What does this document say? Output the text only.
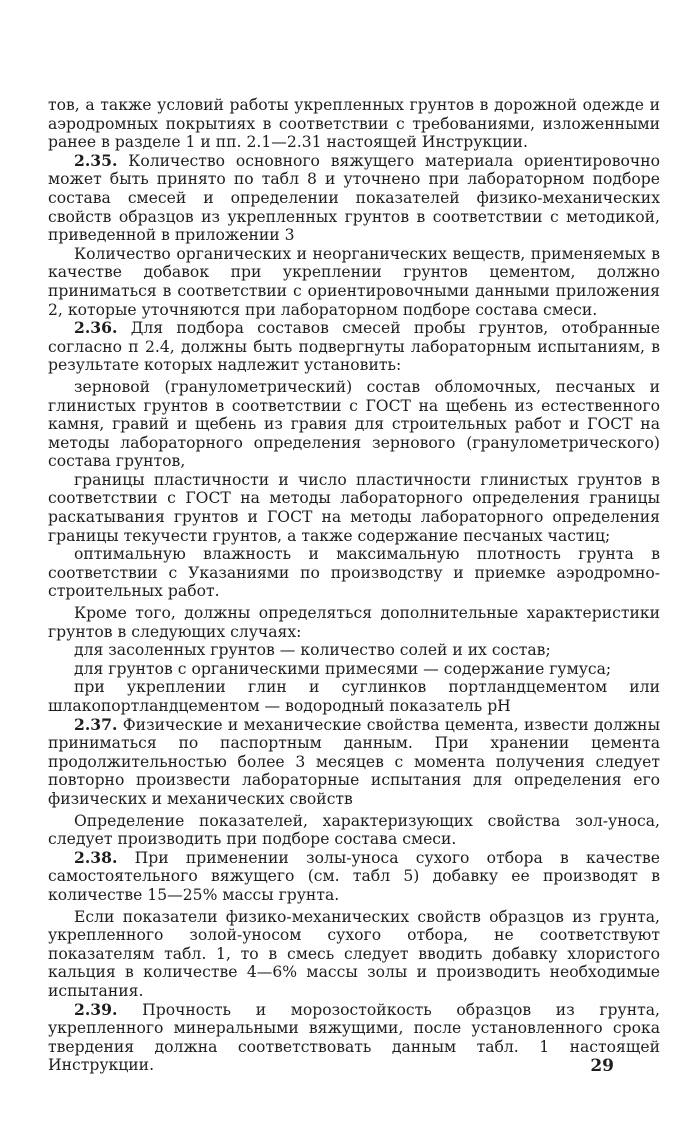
тов, а также условий работы укрепленных грунтов в дорожной одежде и аэродромных покрытиях в соответствии с требованиями, изложенными ранее в разделе 1 и пп. 2.1—2.31 настоящей Инструкции.

2.35. Количество основного вяжущего материала ориентировочно может быть принято по табл 8 и уточнено при лабораторном подборе состава смесей и определении показателей физико-механических свойств образцов из укрепленных грунтов в соответствии с методикой, приведенной в приложении 3

Количество органических и неорганических веществ, применяемых в качестве добавок при укреплении грунтов цементом, должно приниматься в соответствии с ориентировочными данными приложения 2, которые уточняются при лабораторном подборе состава смеси.

2.36. Для подбора составов смесей пробы грунтов, отобранные согласно п 2.4, должны быть подвергнуты лабораторным испытаниям, в результате которых надлежит установить:

зерновой (гранулометрический) состав обломочных, песчаных и глинистых грунтов в соответствии с ГОСТ на щебень из естественного камня, гравий и щебень из гравия для строительных работ и ГОСТ на методы лабораторного определения зернового (гранулометрического) состава грунтов,

границы пластичности и число пластичности глинистых грунтов в соответствии с ГОСТ на методы лабораторного определения границы раскатывания грунтов и ГОСТ на методы лабораторного определения границы текучести грунтов, а также содержание песчаных частиц;

оптимальную влажность и максимальную плотность грунта в соответствии с Указаниями по производству и приемке аэродромно-строительных работ.

Кроме того, должны определяться дополнительные характеристики грунтов в следующих случаях:

для засоленных грунтов — количество солей и их состав;

для грунтов с органическими примесями — содержание гумуса;

при укреплении глин и суглинков портландцементом или шлакопортландцементом — водородный показатель pH

2.37. Физические и механические свойства цемента, извести должны приниматься по паспортным данным. При хранении цемента продолжительностью более 3 месяцев с момента получения следует повторно произвести лабораторные испытания для определения его физических и механических свойств

Определение показателей, характеризующих свойства зол-уноса, следует производить при подборе состава смеси.

2.38. При применении золы-уноса сухого отбора в качестве самостоятельного вяжущего (см. табл 5) добавку ее производят в количестве 15—25% массы грунта.

Если показатели физико-механических свойств образцов из грунта, укрепленного золой-уносом сухого отбора, не соответствуют показателям табл. 1, то в смесь следует вводить добавку хлористого кальция в количестве 4—6% массы золы и производить необходимые испытания.

2.39. Прочность и морозостойкость образцов из грунта, укрепленного минеральными вяжущими, после установленного срока твердения должна соответствовать данным табл. 1 настоящей Инструкции.	29
